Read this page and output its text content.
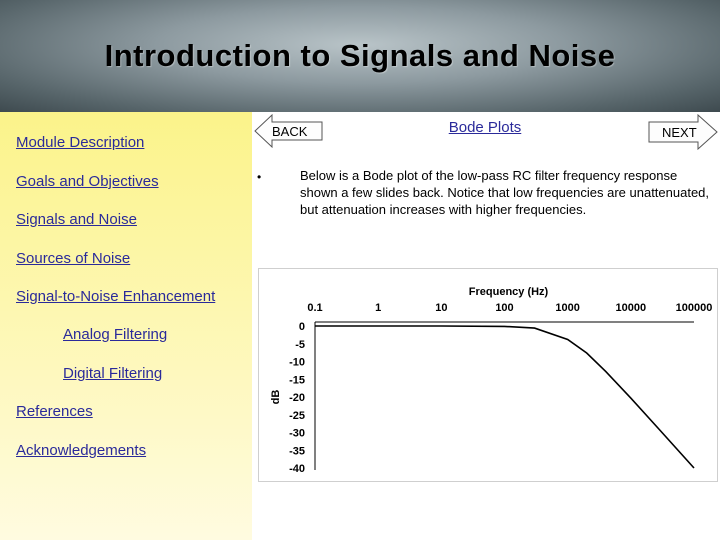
Introduction to Signals and Noise
Module Description
Goals and Objectives
Signals and Noise
Sources of Noise
Signal-to-Noise Enhancement
Analog Filtering
Digital Filtering
References
Acknowledgements
BACK	Bode Plots	NEXT
•	Below is a Bode plot of the low-pass RC filter frequency response shown a few slides back. Notice that low frequencies are unattenuated, but attenuation increases with higher frequencies.
Frequency (Hz)
0.1	1	10	100	1000	10000	100000
0
-5
-10
-15
-20
-25
-30
-35
-40
dB
